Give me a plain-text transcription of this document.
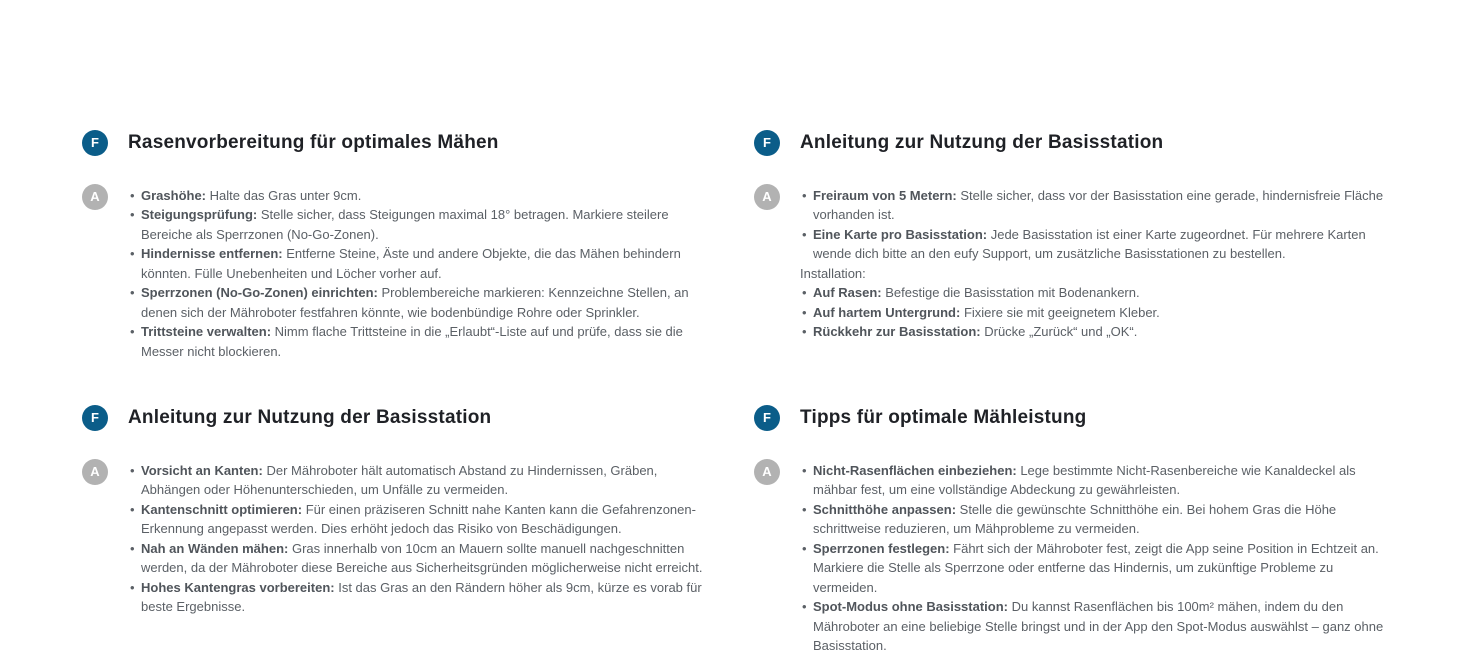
F	Rasenvorbereitung für optimales Mähen
A	• Grashöhe: Halte das Gras unter 9cm.
• Steigungsprüfung: Stelle sicher, dass Steigungen maximal 18° betragen. Markiere steilere Bereiche als Sperrzonen (No-Go-Zonen).
• Hindernisse entfernen: Entferne Steine, Äste und andere Objekte, die das Mähen behindern könnten. Fülle Unebenheiten und Löcher vorher auf.
• Sperrzonen (No-Go-Zonen) einrichten: Problembereiche markieren: Kennzeichne Stellen, an denen sich der Mähroboter festfahren könnte, wie bodenbündige Rohre oder Sprinkler.
• Trittsteine verwalten: Nimm flache Trittsteine in die „Erlaubt“-Liste auf und prüfe, dass sie die Messer nicht blockieren.
F	Anleitung zur Nutzung der Basisstation
A	• Freiraum von 5 Metern: Stelle sicher, dass vor der Basisstation eine gerade, hindernisfreie Fläche vorhanden ist.
• Eine Karte pro Basisstation: Jede Basisstation ist einer Karte zugeordnet. Für mehrere Karten wende dich bitte an den eufy Support, um zusätzliche Basisstationen zu bestellen.

Installation:

• Auf Rasen: Befestige die Basisstation mit Bodenankern.
• Auf hartem Untergrund: Fixiere sie mit geeignetem Kleber.
• Rückkehr zur Basisstation: Drücke „Zurück“ und „OK“.
F	Anleitung zur Nutzung der Basisstation
A	• Vorsicht an Kanten: Der Mähroboter hält automatisch Abstand zu Hindernissen, Gräben, Abhängen oder Höhenunterschieden, um Unfälle zu vermeiden.
• Kantenschnitt optimieren: Für einen präziseren Schnitt nahe Kanten kann die Gefahrenzonen-Erkennung angepasst werden. Dies erhöht jedoch das Risiko von Beschädigungen.
• Nah an Wänden mähen: Gras innerhalb von 10cm an Mauern sollte manuell nachgeschnitten werden, da der Mähroboter diese Bereiche aus Sicherheitsgründen möglicherweise nicht erreicht.
• Hohes Kantengras vorbereiten: Ist das Gras an den Rändern höher als 9cm, kürze es vorab für beste Ergebnisse.
F	Tipps für optimale Mähleistung
A	• Nicht-Rasenflächen einbeziehen: Lege bestimmte Nicht-Rasenbereiche wie Kanaldeckel als mähbar fest, um eine vollständige Abdeckung zu gewährleisten.
• Schnitthöhe anpassen: Stelle die gewünschte Schnitthöhe ein. Bei hohem Gras die Höhe schrittweise reduzieren, um Mähprobleme zu vermeiden.
• Sperrzonen festlegen: Fährt sich der Mähroboter fest, zeigt die App seine Position in Echtzeit an. Markiere die Stelle als Sperrzone oder entferne das Hindernis, um zukünftige Probleme zu vermeiden.
• Spot-Modus ohne Basisstation: Du kannst Rasenflächen bis 100m² mähen, indem du den Mähroboter an eine beliebige Stelle bringst und in der App den Spot-Modus auswählst – ganz ohne Basisstation.
